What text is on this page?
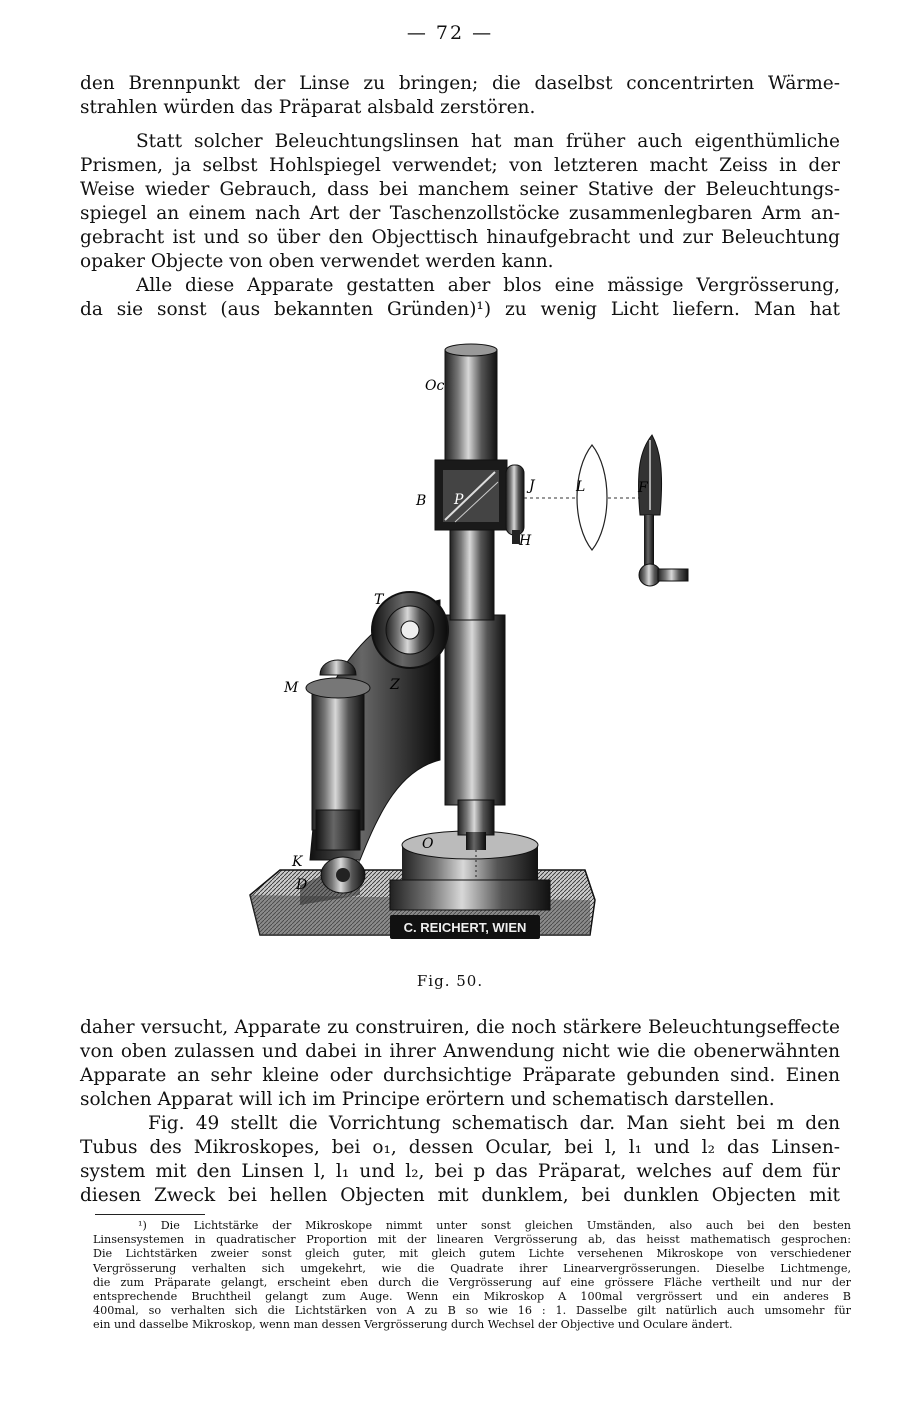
— 72 —

den Brennpunkt der Linse zu bringen; die daselbst concentrirten Wärme-
strahlen würden das Präparat alsbald zerstören.

Statt solcher Beleuchtungslinsen hat man früher auch eigenthümliche
Prismen, ja selbst Hohlspiegel verwendet; von letzteren macht Zeiss in der
Weise wieder Gebrauch, dass bei manchem seiner Stative der Beleuchtungs-
spiegel an einem nach Art der Taschenzollstöcke zusammenlegbaren Arm an-
gebracht ist und so über den Objecttisch hinaufgebracht und zur Beleuchtung
opaker Objecte von oben verwendet werden kann.

Alle diese Apparate gestatten aber blos eine mässige Vergrösserung,
da sie sonst (aus bekannten Gründen)¹) zu wenig Licht liefern. Man hat

C. REICHERT, WIEN
Oc
B P
J
H
L	F
T
M	Z
O
K
D
Fig. 50.

daher versucht, Apparate zu construiren, die noch stärkere Beleuchtungseffecte
von oben zulassen und dabei in ihrer Anwendung nicht wie die obenerwähnten
Apparate an sehr kleine oder durchsichtige Präparate gebunden sind. Einen
solchen Apparat will ich im Principe erörtern und schematisch darstellen.

Fig. 49 stellt die Vorrichtung schematisch dar. Man sieht bei m den
Tubus des Mikroskopes, bei o₁, dessen Ocular, bei l, l₁ und l₂ das Linsen-
system mit den Linsen l, l₁ und l₂, bei p das Präparat, welches auf dem für
diesen Zweck bei hellen Objecten mit dunklem, bei dunklen Objecten mit

¹) Die Lichtstärke der Mikroskope nimmt unter sonst gleichen Umständen, also auch bei den besten
Linsensystemen in quadratischer Proportion mit der linearen Vergrösserung ab, das heisst mathematisch gesprochen:
Die Lichtstärken zweier sonst gleich guter, mit gleich gutem Lichte versehenen Mikroskope von verschiedener
Vergrösserung verhalten sich umgekehrt, wie die Quadrate ihrer Linearvergrösserungen. Dieselbe Lichtmenge,
die zum Präparate gelangt, erscheint eben durch die Vergrösserung auf eine grössere Fläche vertheilt und nur der
entsprechende Bruchtheil gelangt zum Auge. Wenn ein Mikroskop A 100mal vergrössert und ein anderes B
400mal, so verhalten sich die Lichtstärken von A zu B so wie 16 : 1. Dasselbe gilt natürlich auch umsomehr für
ein und dasselbe Mikroskop, wenn man dessen Vergrösserung durch Wechsel der Objective und Oculare ändert.
